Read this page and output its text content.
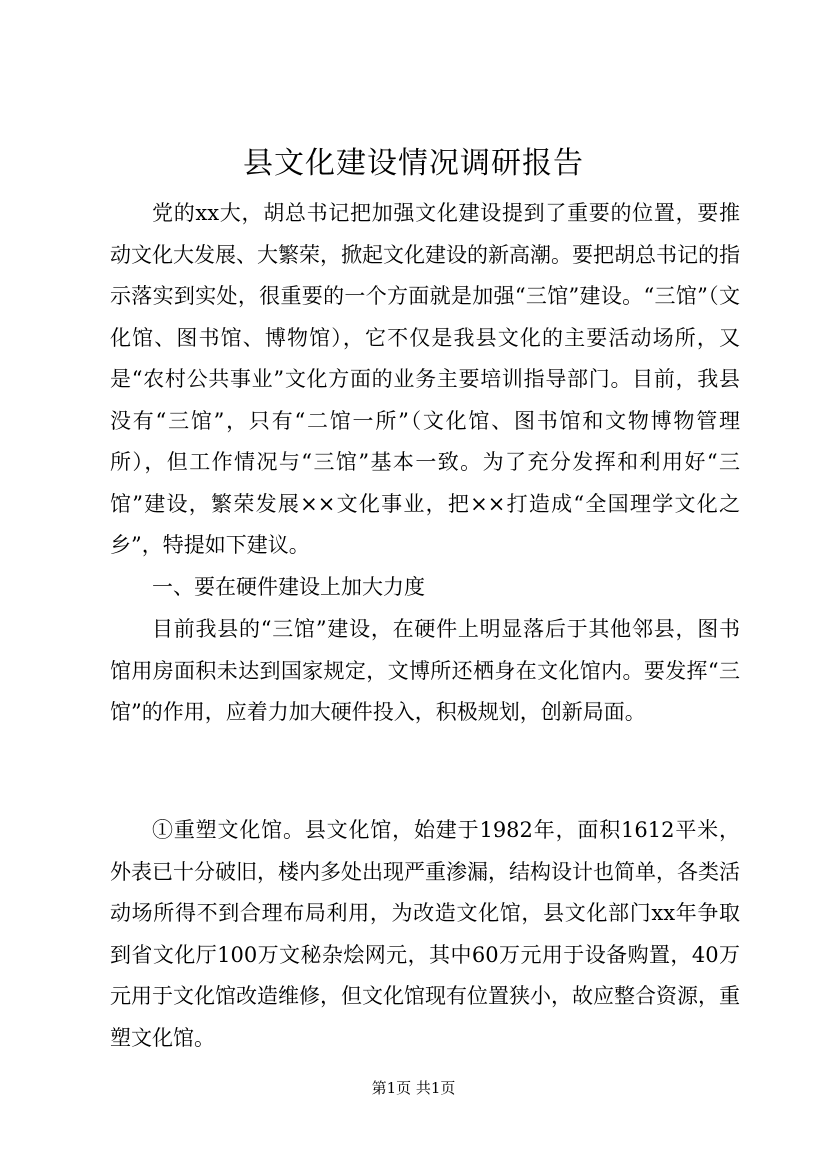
县文化建设情况调研报告

党的xx大，胡总书记把加强文化建设提到了重要的位置，要推动文化大发展、大繁荣，掀起文化建设的新高潮。要把胡总书记的指示落实到实处，很重要的一个方面就是加强“三馆”建设。“三馆”（文化馆、图书馆、博物馆），它不仅是我县文化的主要活动场所，又是“农村公共事业”文化方面的业务主要培训指导部门。目前，我县没有“三馆”，只有“二馆一所”（文化馆、图书馆和文物博物管理所），但工作情况与“三馆”基本一致。为了充分发挥和利用好“三馆”建设，繁荣发展××文化事业，把××打造成“全国理学文化之乡”，特提如下建议。

一、要在硬件建设上加大力度

目前我县的“三馆”建设，在硬件上明显落后于其他邻县，图书馆用房面积未达到国家规定，文博所还栖身在文化馆内。要发挥“三馆”的作用，应着力加大硬件投入，积极规划，创新局面。

①重塑文化馆。县文化馆，始建于1982年，面积1612平米，外表已十分破旧，楼内多处出现严重渗漏，结构设计也简单，各类活动场所得不到合理布局利用，为改造文化馆，县文化部门xx年争取到省文化厅100万文秘杂烩网元，其中60万元用于设备购置，40万元用于文化馆改造维修，但文化馆现有位置狭小，故应整合资源，重塑文化馆。

第1页 共1页
